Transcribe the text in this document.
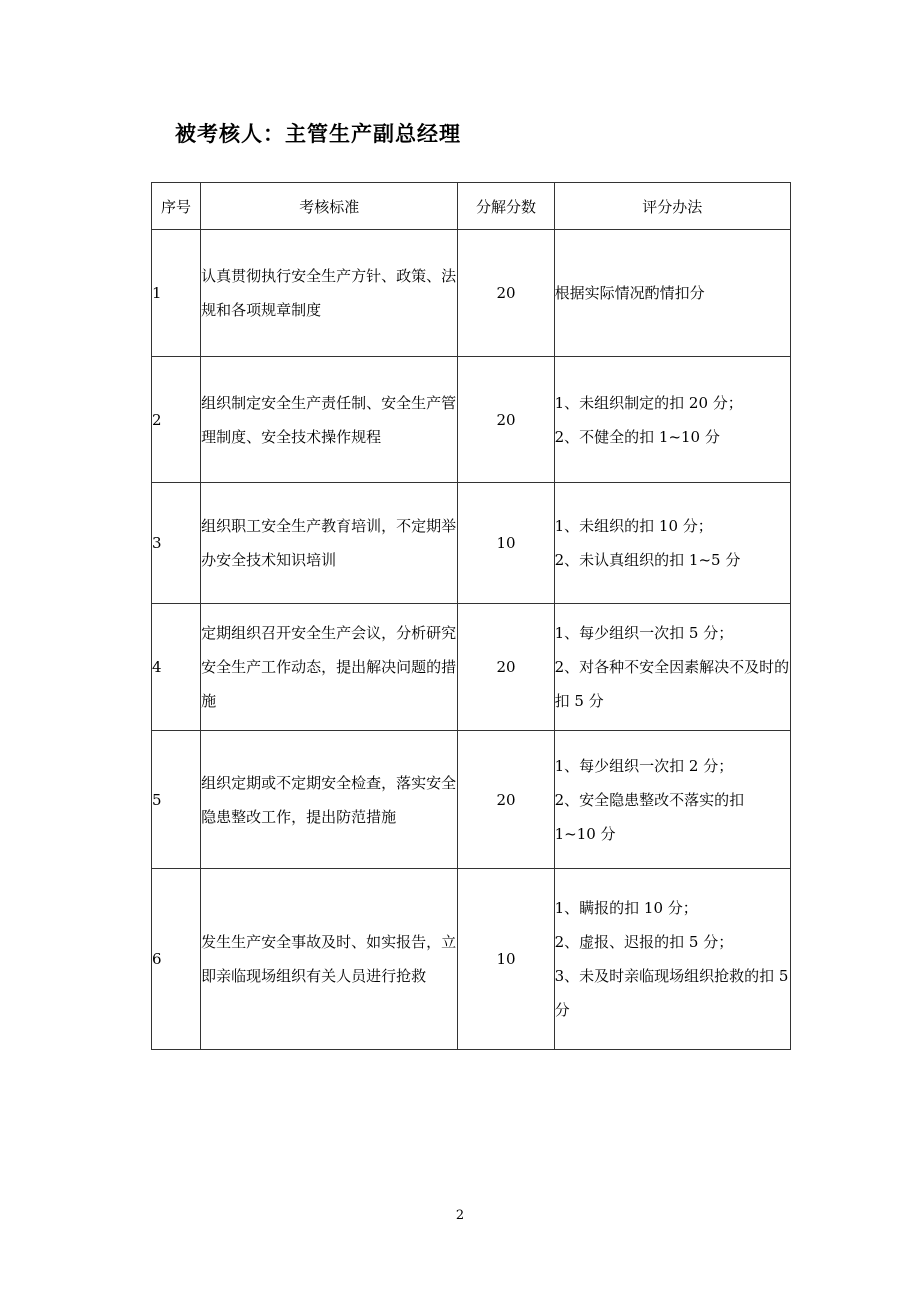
被考核人：主管生产副总经理
序号	考核标准	分解分数	评分办法
1	认真贯彻执行安全生产方针、政策、法规和各项规章制度	20	根据实际情况酌情扣分

2	组织制定安全生产责任制、安全生产管理制度、安全技术操作规程	20	1、未组织制定的扣 20 分；
2、不健全的扣 1~10 分

3	组织职工安全生产教育培训，不定期举办安全技术知识培训	10	1、未组织的扣 10 分；
2、未认真组织的扣 1~5 分

4	定期组织召开安全生产会议，分析研究安全生产工作动态，提出解决问题的措施	20	1、每少组织一次扣 5 分；
2、对各种不安全因素解决不及时的扣 5 分

5	组织定期或不定期安全检查，落实安全隐患整改工作，提出防范措施	20	1、每少组织一次扣 2 分；
2、安全隐患整改不落实的扣 1~10 分

6	发生生产安全事故及时、如实报告，立即亲临现场组织有关人员进行抢救	10	1、瞒报的扣 10 分；
2、虚报、迟报的扣 5 分；
3、未及时亲临现场组织抢救的扣 5 分
2
